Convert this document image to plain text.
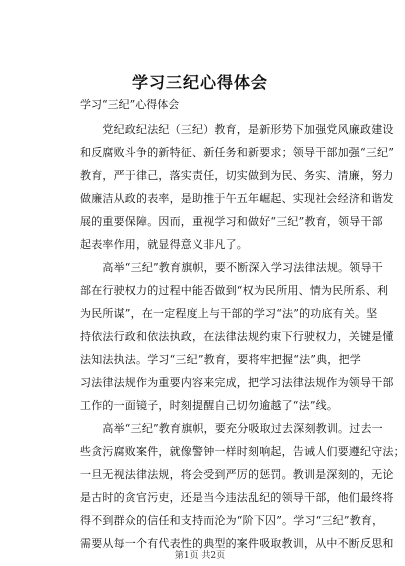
学习三纪心得体会
学习“三纪”心得体会
　　党纪政纪法纪（三纪）教育，是新形势下加强党风廉政建设
和反腐败斗争的新特征、新任务和新要求；领导干部加强“三纪”
教育，严于律己，落实责任，切实做到为民、务实、清廉，努力
做廉洁从政的表率，是助推于午五年崛起、实现社会经济和谐发
展的重要保障。因而，重视学习和做好“三纪”教育，领导干部
起表率作用，就显得意义非凡了。
　　高举“三纪”教育旗帜，要不断深入学习法律法规。领导干
部在行驶权力的过程中能否做到“权为民所用、情为民所系、利
为民所谋”，在一定程度上与干部的学习“法”的功底有关。坚
持依法行政和依法执政，在法律法规约束下行驶权力，关键是懂
法知法执法。学习“三纪”教育，要将牢把握“法”典，把学
习法律法规作为重要内容来完成，把学习法律法规作为领导干部
工作的一面镜子，时刻提醒自己切勿逾越了“法”线。
　　高举“三纪”教育旗帜，要充分吸取过去深刻教训。过去一
些贪污腐败案件，就像警钟一样时刻响起，告诫人们要遵纪守法；
一旦无视法律法规，将会受到严厉的惩罚。教训是深刻的，无论
是古时的贪官污吏，还是当今违法乱纪的领导干部，他们最终将
得不到群众的信任和支持而沦为“阶下囚”。学习“三纪”教育，
需要从每一个有代表性的典型的案件吸取教训，从中不断反思和
第1页 共2页
